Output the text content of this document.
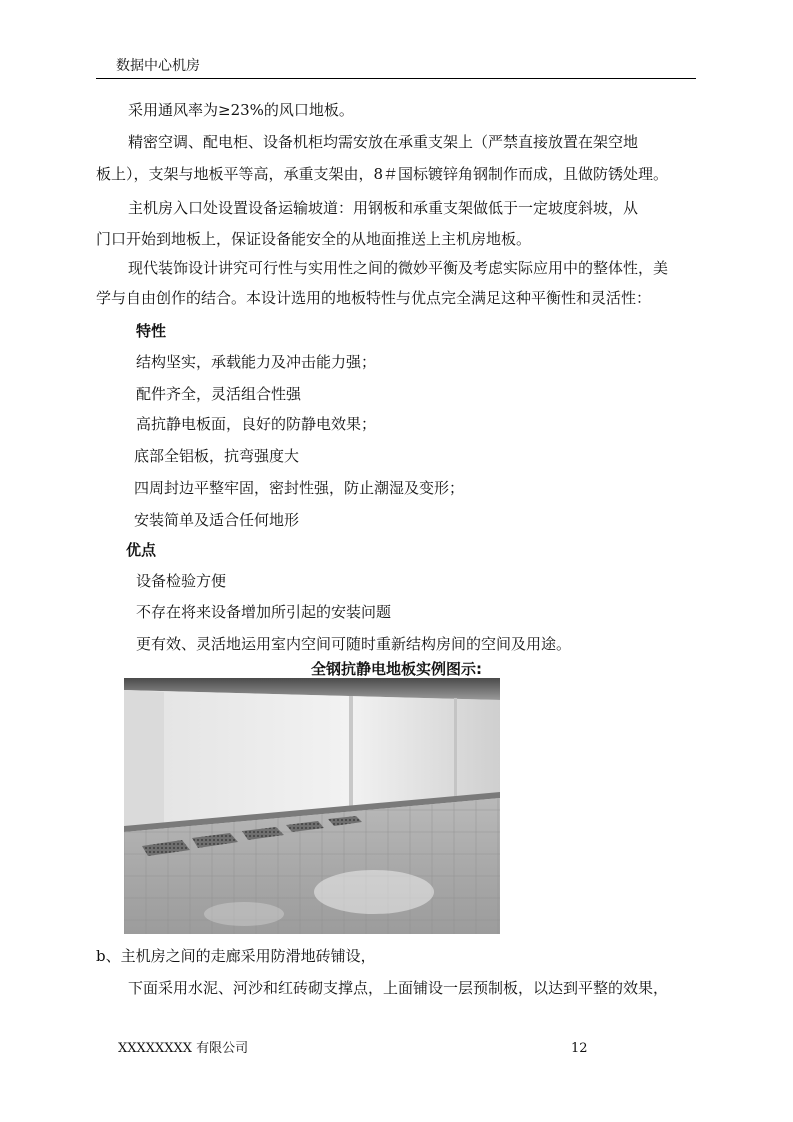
数据中心机房
采用通风率为≥23%的风口地板。
精密空调、配电柜、设备机柜均需安放在承重支架上（严禁直接放置在架空地
板上），支架与地板平等高，承重支架由，8＃国标镀锌角钢制作而成，且做防锈处理。
主机房入口处设置设备运输坡道：用钢板和承重支架做低于一定坡度斜坡，从
门口开始到地板上，保证设备能安全的从地面推送上主机房地板。
现代装饰设计讲究可行性与实用性之间的微妙平衡及考虑实际应用中的整体性，美
学与自由创作的结合。本设计选用的地板特性与优点完全满足这种平衡性和灵活性：
特性
结构坚实，承载能力及冲击能力强；
配件齐全，灵活组合性强
高抗静电板面，良好的防静电效果；
底部全铝板，抗弯强度大
四周封边平整牢固，密封性强，防止潮湿及变形；
安装简单及适合任何地形
优点
设备检验方便
不存在将来设备增加所引起的安装问题
更有效、灵活地运用室内空间可随时重新结构房间的空间及用途。
全钢抗静电地板实例图示:
b、主机房之间的走廊采用防滑地砖铺设，
下面采用水泥、河沙和红砖砌支撑点，上面铺设一层预制板，以达到平整的效果，
XXXXXXXX 有限公司	12
